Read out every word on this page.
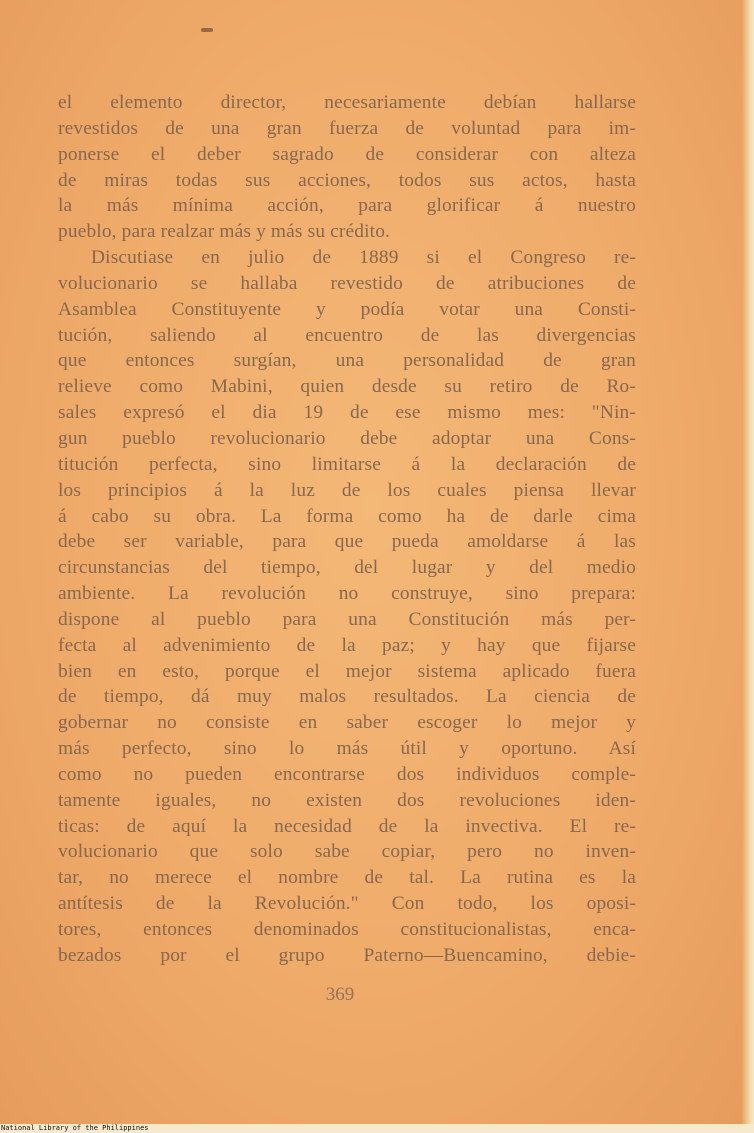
el elemento director, necesariamente debían hallarse
revestidos de una gran fuerza de voluntad para im-
ponerse el deber sagrado de considerar con alteza
de miras todas sus acciones, todos sus actos, hasta
la más mínima acción, para glorificar á nuestro
pueblo, para realzar más y más su crédito.
Discutiase en julio de 1889 si el Congreso re-
volucionario se hallaba revestido de atribuciones de
Asamblea Constituyente y podía votar una Consti-
tución, saliendo al encuentro de las divergencias
que entonces surgían, una personalidad de gran
relieve como Mabini, quien desde su retiro de Ro-
sales expresó el dia 19 de ese mismo mes: "Nin-
gun pueblo revolucionario debe adoptar una Cons-
titución perfecta, sino limitarse á la declaración de
los principios á la luz de los cuales piensa llevar
á cabo su obra. La forma como ha de darle cima
debe ser variable, para que pueda amoldarse á las
circunstancias del tiempo, del lugar y del medio
ambiente. La revolución no construye, sino prepara:
dispone al pueblo para una Constitución más per-
fecta al advenimiento de la paz; y hay que fijarse
bien en esto, porque el mejor sistema aplicado fuera
de tiempo, dá muy malos resultados. La ciencia de
gobernar no consiste en saber escoger lo mejor y
más perfecto, sino lo más útil y oportuno. Así
como no pueden encontrarse dos individuos comple-
tamente iguales, no existen dos revoluciones iden-
ticas: de aquí la necesidad de la invectiva. El re-
volucionario que solo sabe copiar, pero no inven-
tar, no merece el nombre de tal. La rutina es la
antítesis de la Revolución." Con todo, los oposi-
tores, entonces denominados constitucionalistas, enca-
bezados por el grupo Paterno—Buencamino, debie-
369
National Library of the Philippines
